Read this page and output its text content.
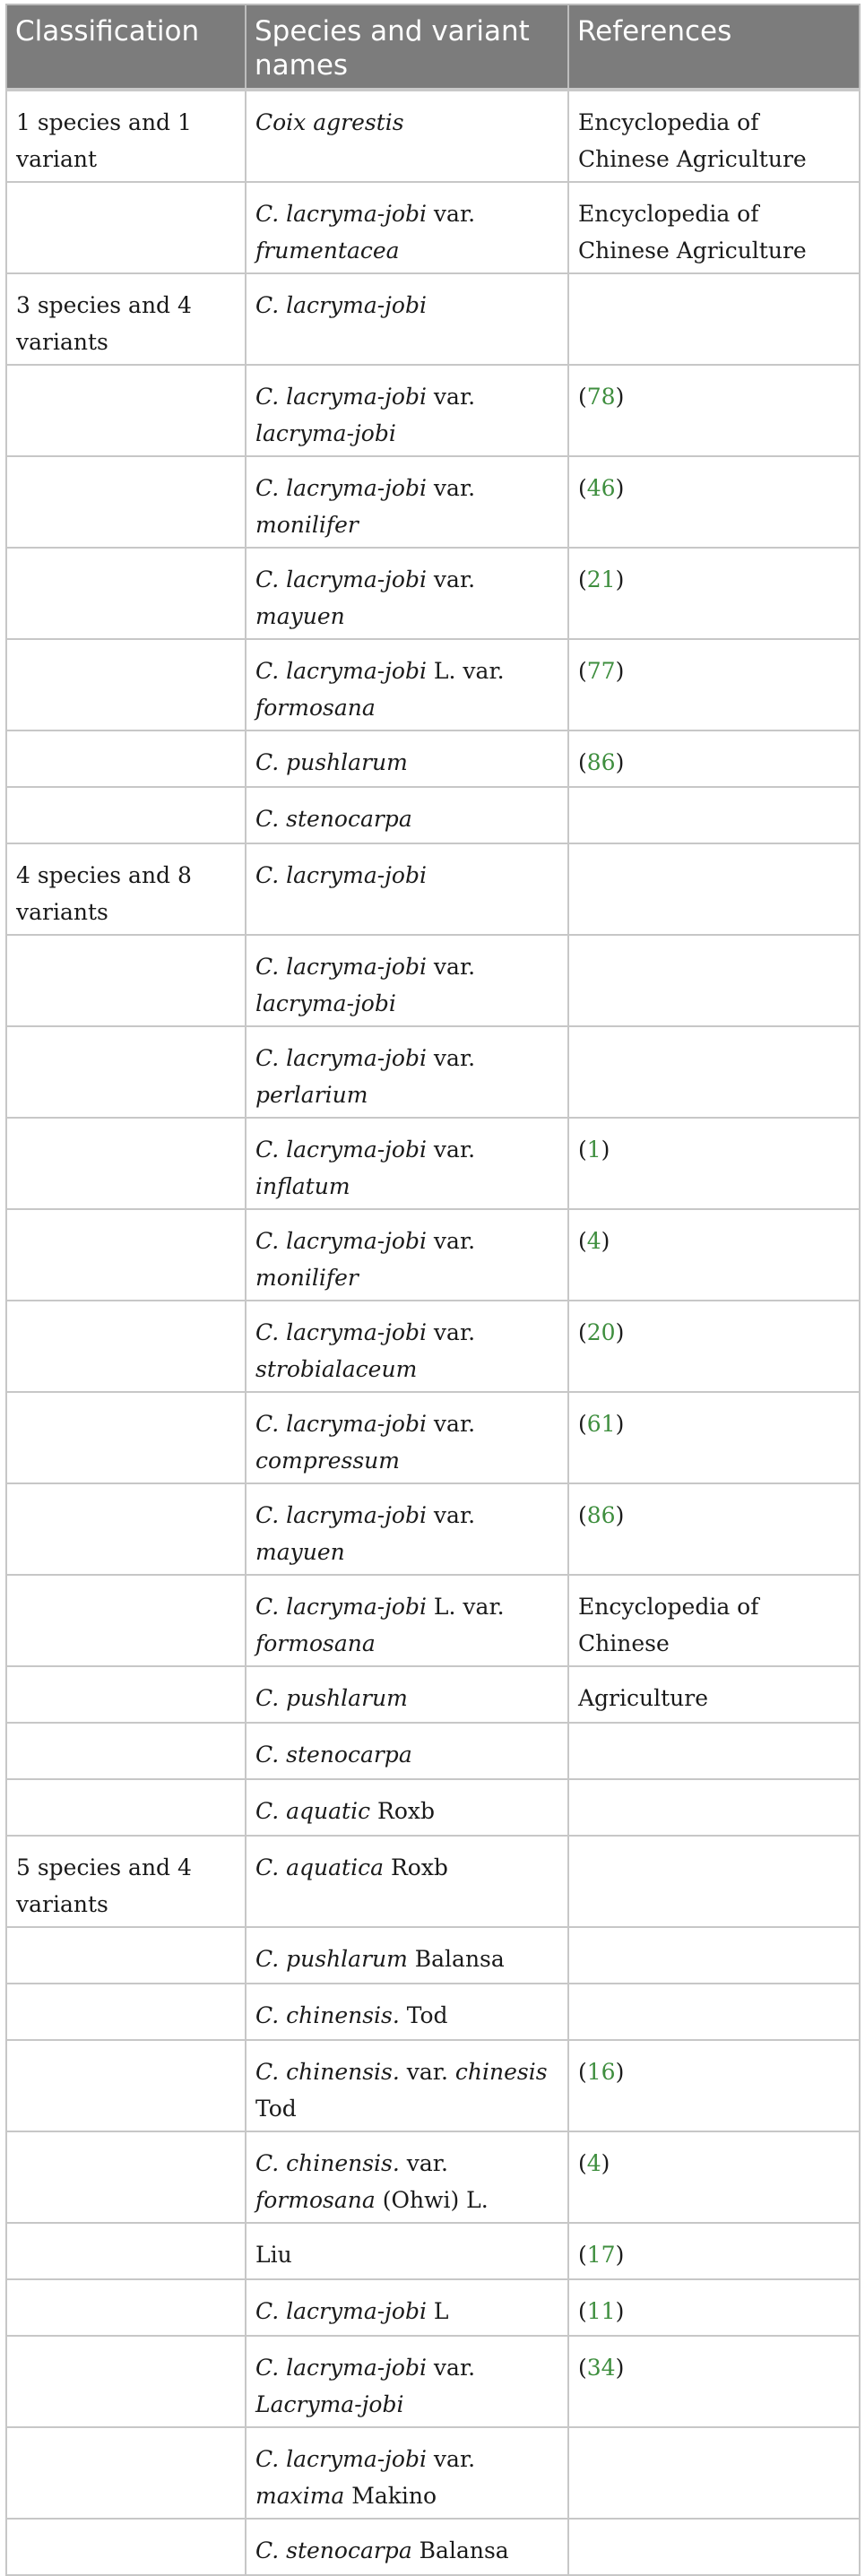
Classification	Species and variant names	References
1 species and 1 variant	Coix agrestis	Encyclopedia of Chinese Agriculture
	C. lacryma-jobi var. frumentacea	Encyclopedia of Chinese Agriculture
3 species and 4 variants	C. lacryma-jobi	
	C. lacryma-jobi var. lacryma-jobi	(78)
	C. lacryma-jobi var. monilifer	(46)
	C. lacryma-jobi var. mayuen	(21)
	C. lacryma-jobi L. var. formosana	(77)
	C. pushlarum	(86)
	C. stenocarpa	
4 species and 8 variants	C. lacryma-jobi	
	C. lacryma-jobi var. lacryma-jobi	
	C. lacryma-jobi var. perlarium	
	C. lacryma-jobi var. inflatum	(1)
	C. lacryma-jobi var. monilifer	(4)
	C. lacryma-jobi var. strobialaceum	(20)
	C. lacryma-jobi var. compressum	(61)
	C. lacryma-jobi var. mayuen	(86)
	C. lacryma-jobi L. var. formosana	Encyclopedia of Chinese
	C. pushlarum	Agriculture
	C. stenocarpa	
	C. aquatic Roxb	
5 species and 4 variants	C. aquatica Roxb	
	C. pushlarum Balansa	
	C. chinensis. Tod	
	C. chinensis. var. chinesis Tod	(16)
	C. chinensis. var. formosana (Ohwi) L.	(4)
	Liu	(17)
	C. lacryma-jobi L	(11)
	C. lacryma-jobi var. Lacryma-jobi	(34)
	C. lacryma-jobi var. maxima Makino	
	C. stenocarpa Balansa	
